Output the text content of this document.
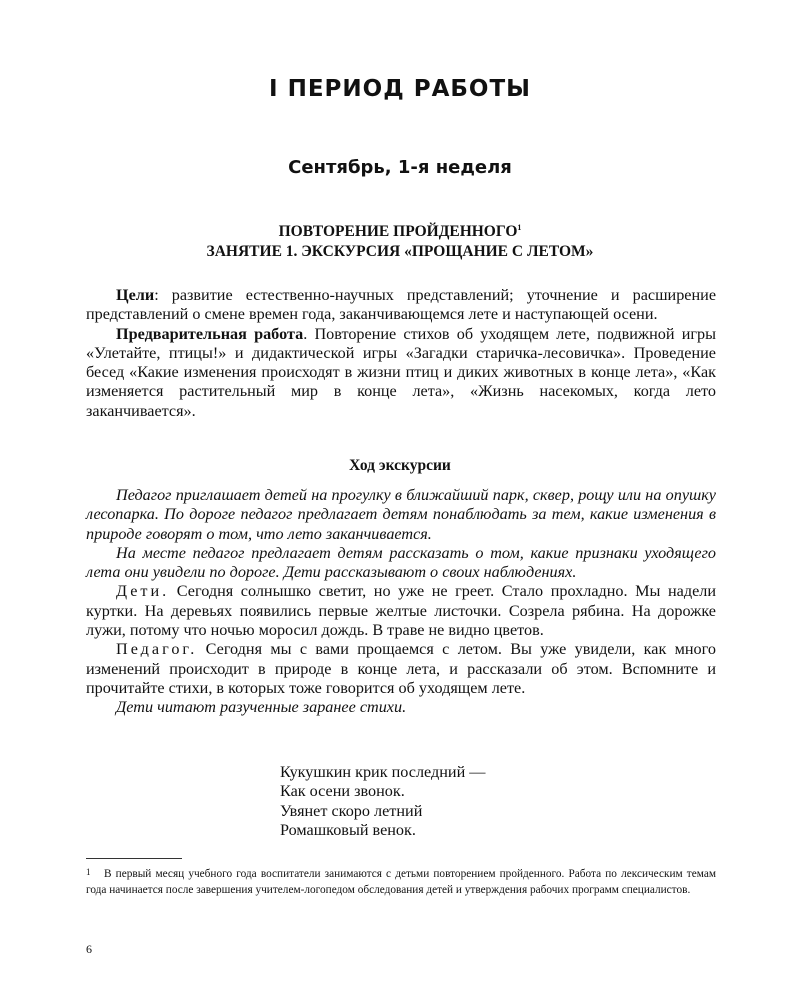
I ПЕРИОД РАБОТЫ
Сентябрь, 1-я неделя
ПОВТОРЕНИЕ ПРОЙДЕННОГО$^1$
ЗАНЯТИЕ 1. ЭКСКУРСИЯ «ПРОЩАНИЕ С ЛЕТОМ»

Цели: развитие естественно-научных представлений; уточнение и расширение представлений о смене времен года, заканчивающемся лете и наступающей осени.

Предварительная работа. Повторение стихов об уходящем лете, подвижной игры «Улетайте, птицы!» и дидактической игры «Загадки старичка-лесовичка». Проведение бесед «Какие изменения происходят в жизни птиц и диких животных в конце лета», «Как изменяется растительный мир в конце лета», «Жизнь насекомых, когда лето заканчивается».

Ход экскурсии

Педагог приглашает детей на прогулку в ближайший парк, сквер, рощу или на опушку лесопарка. По дороге педагог предлагает детям понаблюдать за тем, какие изменения в природе говорят о том, что лето заканчивается.

На месте педагог предлагает детям рассказать о том, какие признаки уходящего лета они увидели по дороге. Дети рассказывают о своих наблюдениях.

Дети. Сегодня солнышко светит, но уже не греет. Стало прохладно. Мы надели куртки. На деревьях появились первые желтые листочки. Созрела рябина. На дорожке лужи, потому что ночью моросил дождь. В траве не видно цветов.

Педагог. Сегодня мы с вами прощаемся с летом. Вы уже увидели, как много изменений происходит в природе в конце лета, и рассказали об этом. Вспомните и прочитайте стихи, в которых тоже говорится об уходящем лете.

Дети читают разученные заранее стихи.

Кукушкин крик последний —
Как осени звонок.
Увянет скоро летний
Ромашковый венок.
1 В первый месяц учебного года воспитатели занимаются с детьми повторением пройденного. Работа по лексическим темам года начинается после завершения учителем-логопедом обследования детей и утверждения рабочих программ специалистов.
6
